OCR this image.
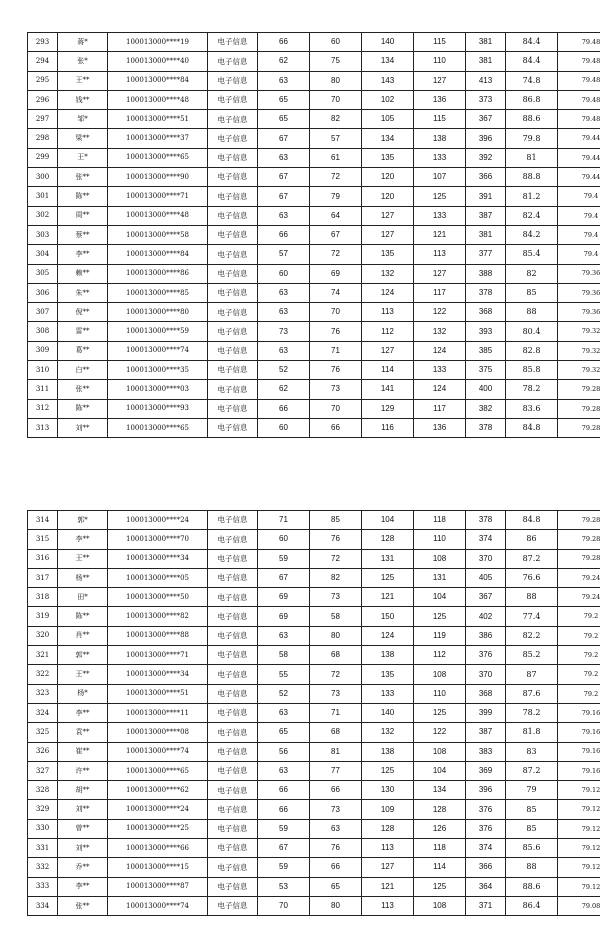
293	蒋*	100013000****19	电子信息	66	60	140	115	381	84.4	79.48
294	张*	100013000****40	电子信息	62	75	134	110	381	84.4	79.48
295	王**	100013000****84	电子信息	63	80	143	127	413	74.8	79.48
296	钱**	100013000****48	电子信息	65	70	102	136	373	86.8	79.48
297	邹*	100013000****51	电子信息	65	82	105	115	367	88.6	79.48
298	梁**	100013000****37	电子信息	67	57	134	138	396	79.8	79.44
299	王*	100013000****65	电子信息	63	61	135	133	392	81	79.44
300	张**	100013000****90	电子信息	67	72	120	107	366	88.8	79.44
301	陈**	100013000****71	电子信息	67	79	120	125	391	81.2	79.4
302	周**	100013000****48	电子信息	63	64	127	133	387	82.4	79.4
303	蔡**	100013000****58	电子信息	66	67	127	121	381	84.2	79.4
304	李**	100013000****84	电子信息	57	72	135	113	377	85.4	79.4
305	赖**	100013000****86	电子信息	60	69	132	127	388	82	79.36
306	朱**	100013000****85	电子信息	63	74	124	117	378	85	79.36
307	倪**	100013000****80	电子信息	63	70	113	122	368	88	79.36
308	雷**	100013000****59	电子信息	73	76	112	132	393	80.4	79.32
309	葛**	100013000****74	电子信息	63	71	127	124	385	82.8	79.32
310	白**	100013000****35	电子信息	52	76	114	133	375	85.8	79.32
311	张**	100013000****03	电子信息	62	73	141	124	400	78.2	79.28
312	陈**	100013000****93	电子信息	66	70	129	117	382	83.6	79.28
313	刘**	100013000****65	电子信息	60	66	116	136	378	84.8	79.28
314	郭*	100013000****24	电子信息	71	85	104	118	378	84.8	79.28
315	李**	100013000****70	电子信息	60	76	128	110	374	86	79.28
316	王**	100013000****34	电子信息	59	72	131	108	370	87.2	79.28
317	杨**	100013000****05	电子信息	67	82	125	131	405	76.6	79.24
318	田*	100013000****50	电子信息	69	73	121	104	367	88	79.24
319	陈**	100013000****82	电子信息	69	58	150	125	402	77.4	79.2
320	肖**	100013000****88	电子信息	63	80	124	119	386	82.2	79.2
321	郭**	100013000****71	电子信息	58	68	138	112	376	85.2	79.2
322	王**	100013000****34	电子信息	55	72	135	108	370	87	79.2
323	杨*	100013000****51	电子信息	52	73	133	110	368	87.6	79.2
324	李**	100013000****11	电子信息	63	71	140	125	399	78.2	79.16
325	袁**	100013000****08	电子信息	65	68	132	122	387	81.8	79.16
326	崔**	100013000****74	电子信息	56	81	138	108	383	83	79.16
327	许**	100013000****65	电子信息	63	77	125	104	369	87.2	79.16
328	胡**	100013000****62	电子信息	66	66	130	134	396	79	79.12
329	刘**	100013000****24	电子信息	66	73	109	128	376	85	79.12
330	曾**	100013000****25	电子信息	59	63	128	126	376	85	79.12
331	刘**	100013000****66	电子信息	67	76	113	118	374	85.6	79.12
332	乔**	100013000****15	电子信息	59	66	127	114	366	88	79.12
333	李**	100013000****87	电子信息	53	65	121	125	364	88.6	79.12
334	张**	100013000****74	电子信息	70	80	113	108	371	86.4	79.08
